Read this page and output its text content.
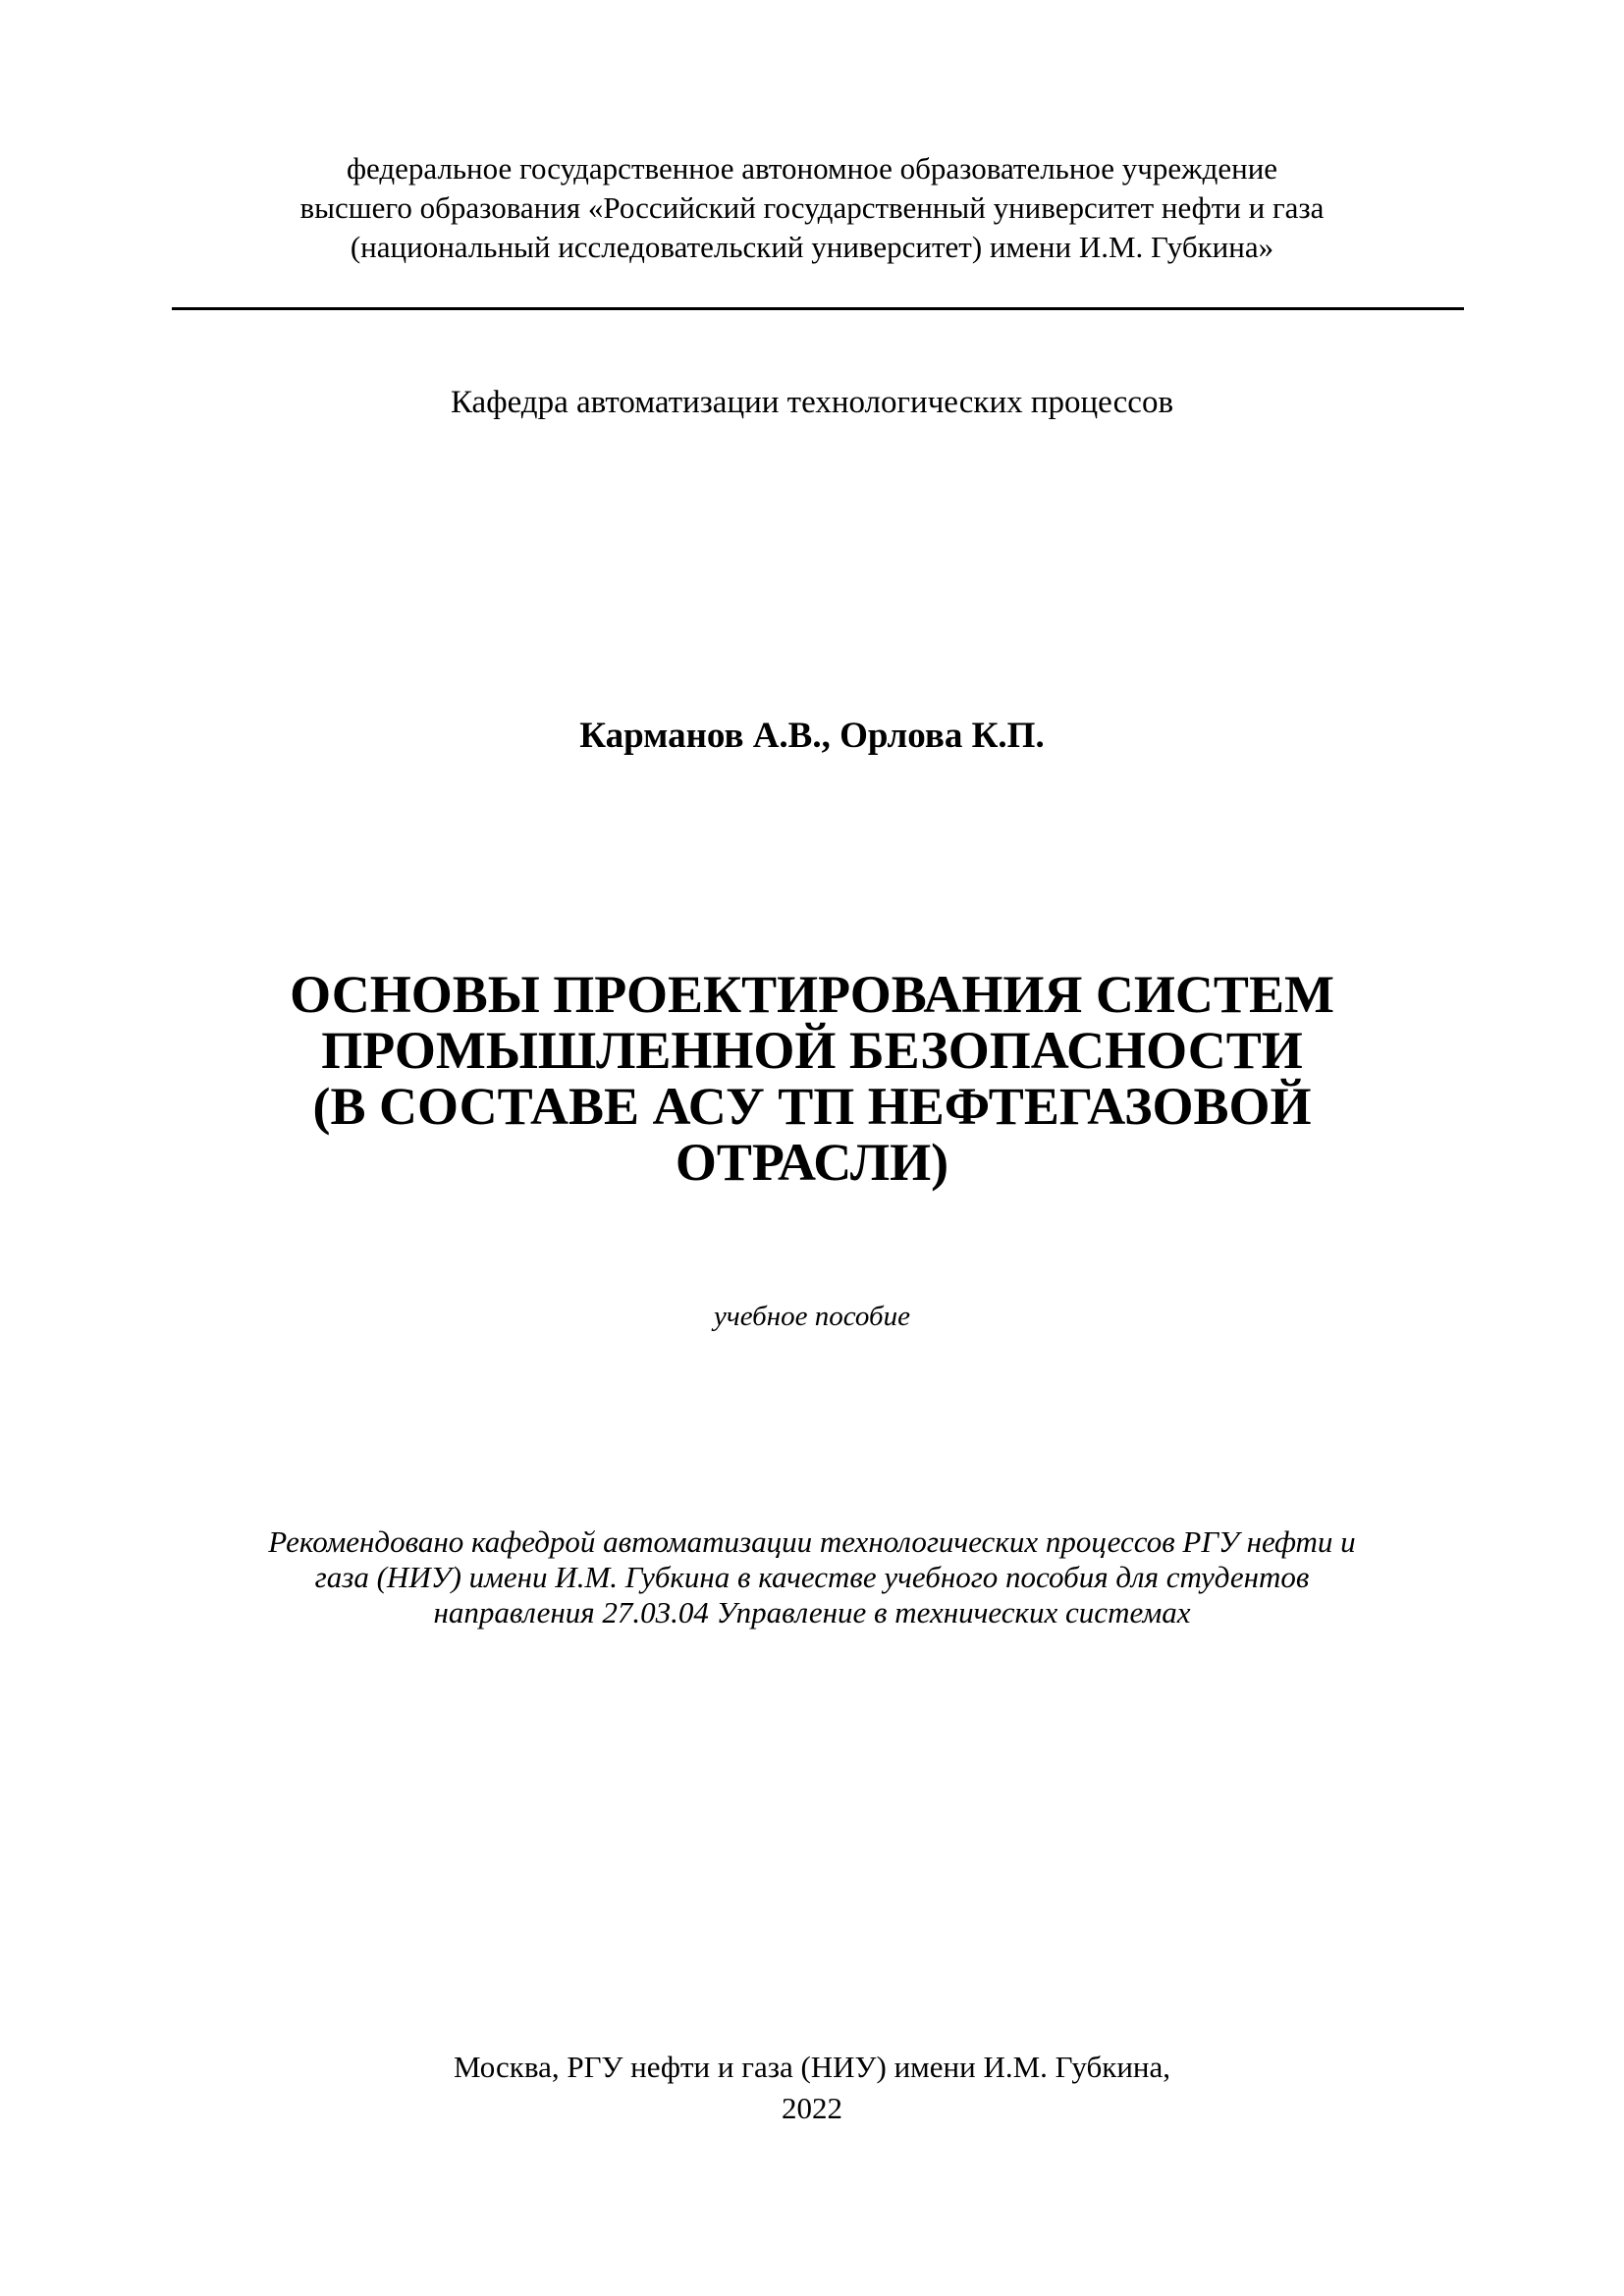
федеральное государственное автономное образовательное учреждение
высшего образования «Российский государственный университет нефти и газа
(национальный исследовательский университет) имени И.М. Губкина»
Кафедра автоматизации технологических процессов
Карманов А.В., Орлова К.П.
ОСНОВЫ ПРОЕКТИРОВАНИЯ СИСТЕМ
ПРОМЫШЛЕННОЙ БЕЗОПАСНОСТИ
(В СОСТАВЕ АСУ ТП НЕФТЕГАЗОВОЙ
ОТРАСЛИ)
учебное пособие
Рекомендовано кафедрой автоматизации технологических процессов РГУ нефти и
газа (НИУ) имени И.М. Губкина в качестве учебного пособия для студентов
направления 27.03.04 Управление в технических системах
Москва, РГУ нефти и газа (НИУ) имени И.М. Губкина,
2022
